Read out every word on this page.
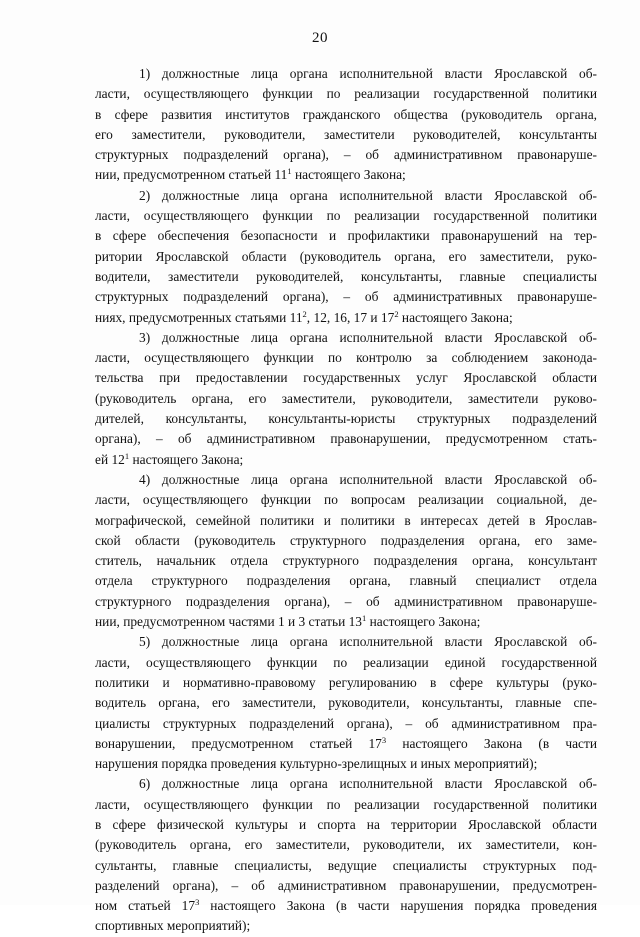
20
1) должностные лица органа исполнительной власти Ярославской об-
ласти, осуществляющего функции по реализации государственной политики
в сфере развития институтов гражданского общества (руководитель органа,
его заместители, руководители, заместители руководителей, консультанты
структурных подразделений органа), – об административном правонаруше-
нии, предусмотренном статьей $11^1$ настоящего Закона;
2) должностные лица органа исполнительной власти Ярославской об-
ласти, осуществляющего функции по реализации государственной политики
в сфере обеспечения безопасности и профилактики правонарушений на тер-
ритории Ярославской области (руководитель органа, его заместители, руко-
водители, заместители руководителей, консультанты, главные специалисты
структурных подразделений органа), – об административных правонаруше-
ниях, предусмотренных статьями $11^2$, 12, 16, 17 и $17^2$ настоящего Закона;
3) должностные лица органа исполнительной власти Ярославской об-
ласти, осуществляющего функции по контролю за соблюдением законода-
тельства при предоставлении государственных услуг Ярославской области
(руководитель органа, его заместители, руководители, заместители руково-
дителей, консультанты, консультанты-юристы структурных подразделений
органа), – об административном правонарушении, предусмотренном стать-
ей $12^1$ настоящего Закона;
4) должностные лица органа исполнительной власти Ярославской об-
ласти, осуществляющего функции по вопросам реализации социальной, де-
мографической, семейной политики и политики в интересах детей в Ярослав-
ской области (руководитель структурного подразделения органа, его заме-
ститель, начальник отдела структурного подразделения органа, консультант
отдела структурного подразделения органа, главный специалист отдела
структурного подразделения органа), – об административном правонаруше-
нии, предусмотренном частями 1 и 3 статьи $13^1$ настоящего Закона;
5) должностные лица органа исполнительной власти Ярославской об-
ласти, осуществляющего функции по реализации единой государственной
политики и нормативно-правовому регулированию в сфере культуры (руко-
водитель органа, его заместители, руководители, консультанты, главные спе-
циалисты структурных подразделений органа), – об административном пра-
вонарушении, предусмотренном статьей $17^3$ настоящего Закона (в части
нарушения порядка проведения культурно-зрелищных и иных мероприятий);
6) должностные лица органа исполнительной власти Ярославской об-
ласти, осуществляющего функции по реализации государственной политики
в сфере физической культуры и спорта на территории Ярославской области
(руководитель органа, его заместители, руководители, их заместители, кон-
сультанты, главные специалисты, ведущие специалисты структурных под-
разделений органа), – об административном правонарушении, предусмотрен-
ном статьей $17^3$ настоящего Закона (в части нарушения порядка проведения
спортивных мероприятий);
